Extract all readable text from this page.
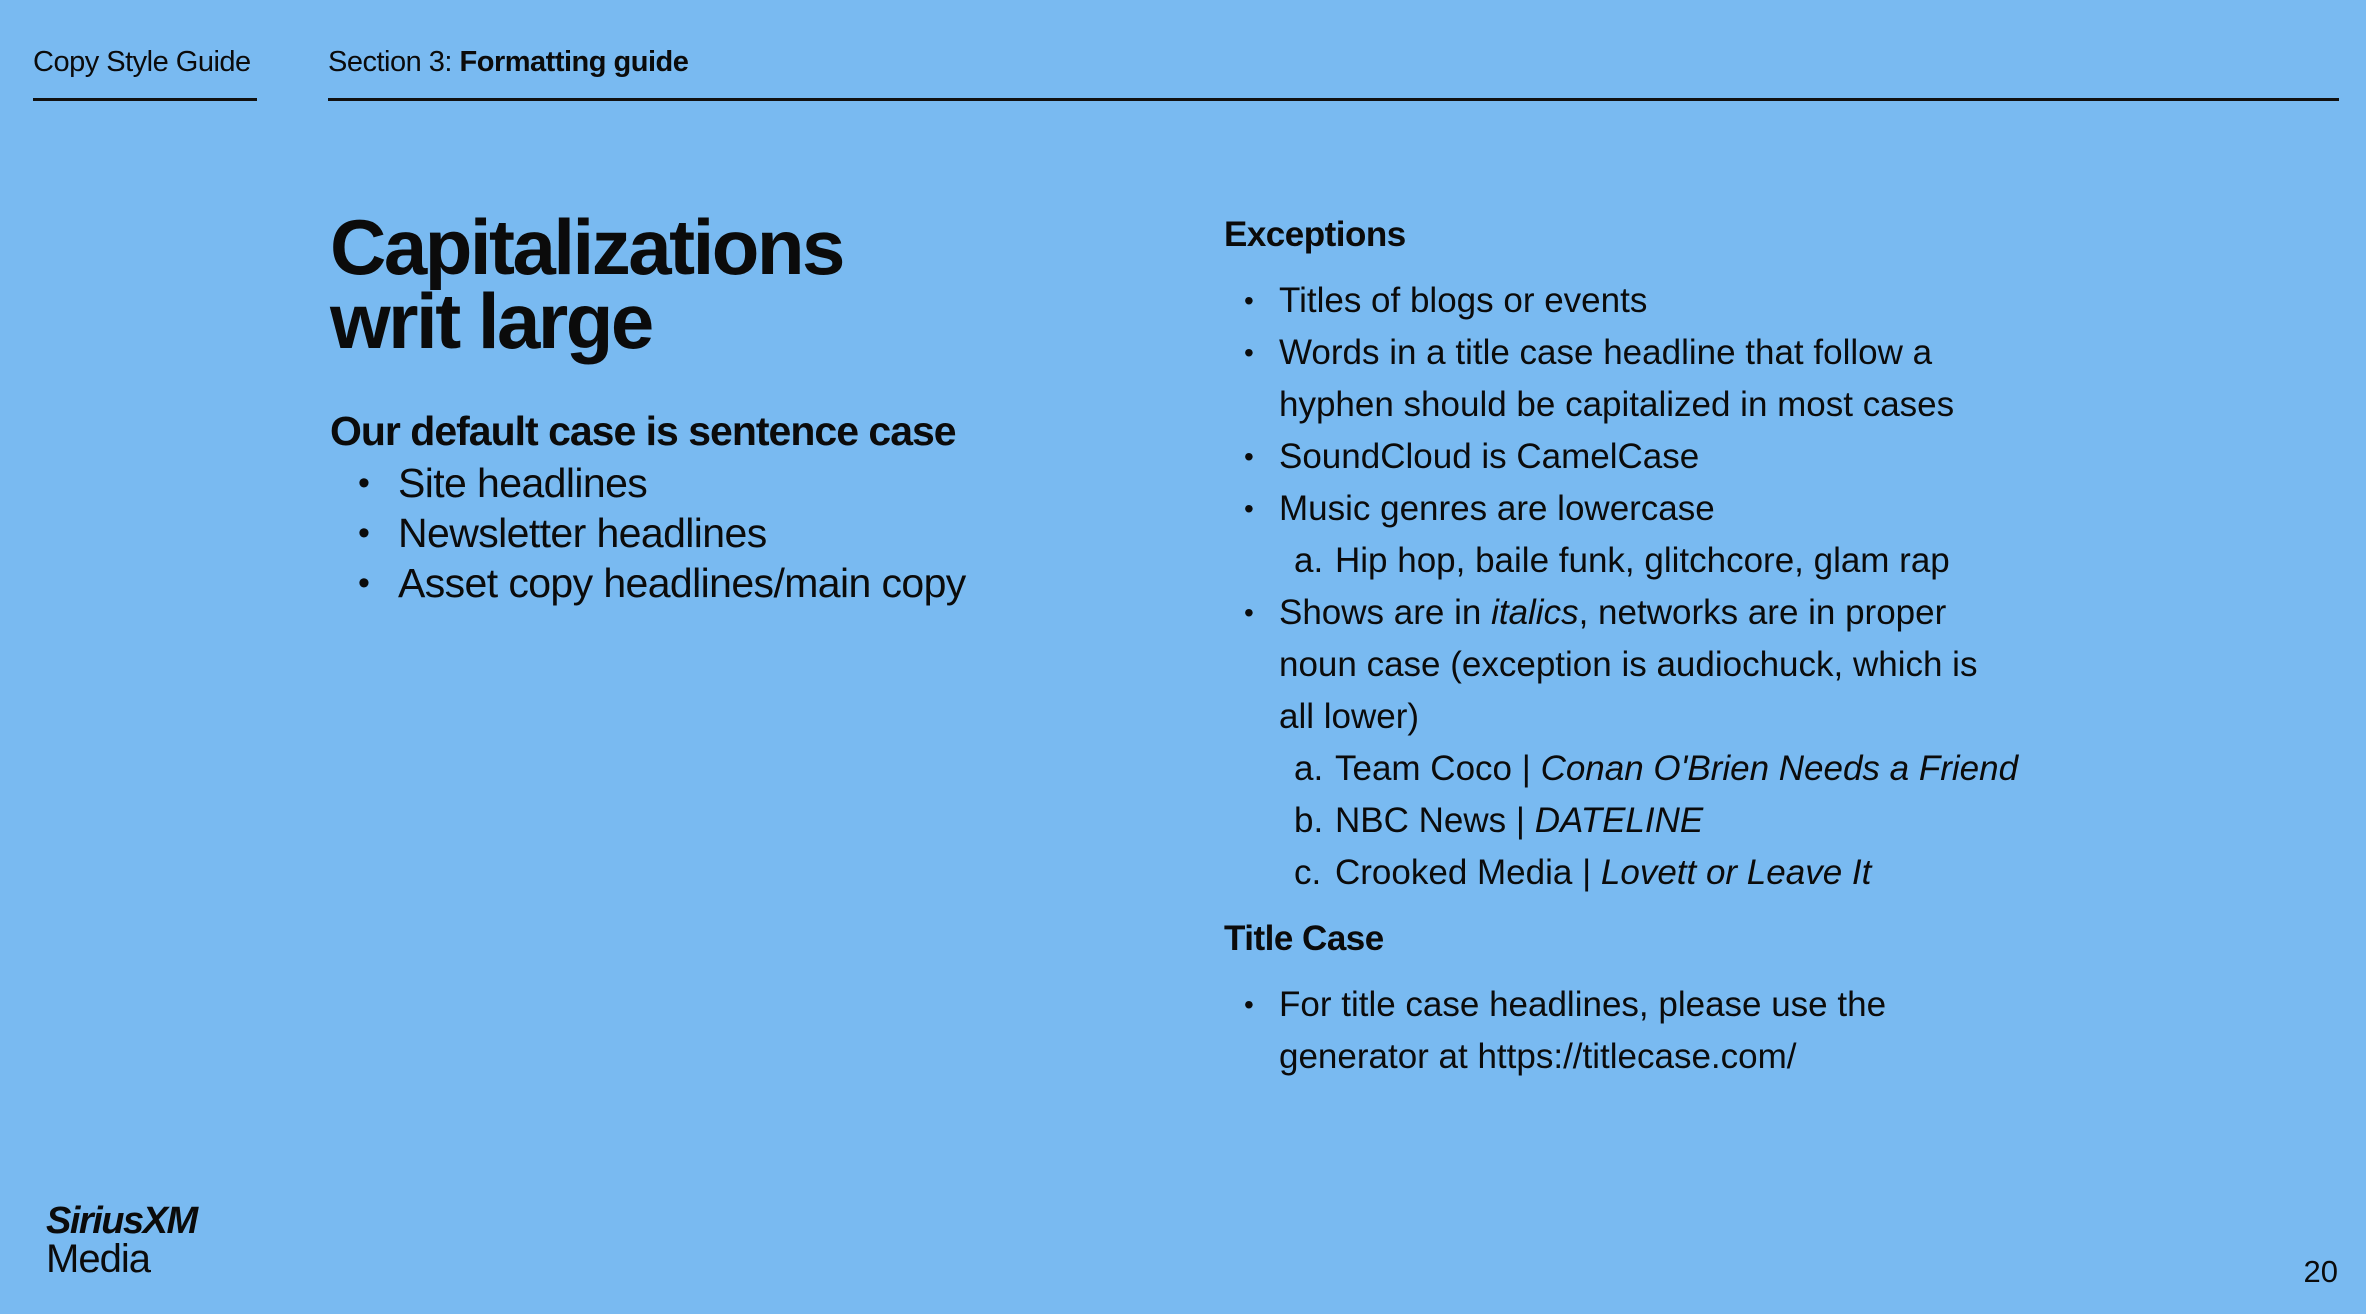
Copy Style Guide	Section 3: Formatting guide
Capitalizations
writ large
Our default case is sentence case
• Site headlines
• Newsletter headlines
• Asset copy headlines/main copy
Exceptions
• Titles of blogs or events
• Words in a title case headline that follow a
hyphen should be capitalized in most cases
• SoundCloud is CamelCase
• Music genres are lowercase
a. Hip hop, baile funk, glitchcore, glam rap
• Shows are in italics, networks are in proper
noun case (exception is audiochuck, which is
all lower)
a. Team Coco | Conan O'Brien Needs a Friend
b. NBC News | DATELINE
c. Crooked Media | Lovett or Leave It
Title Case
• For title case headlines, please use the
generator at https://titlecase.com/
SiriusXM
Media	20
